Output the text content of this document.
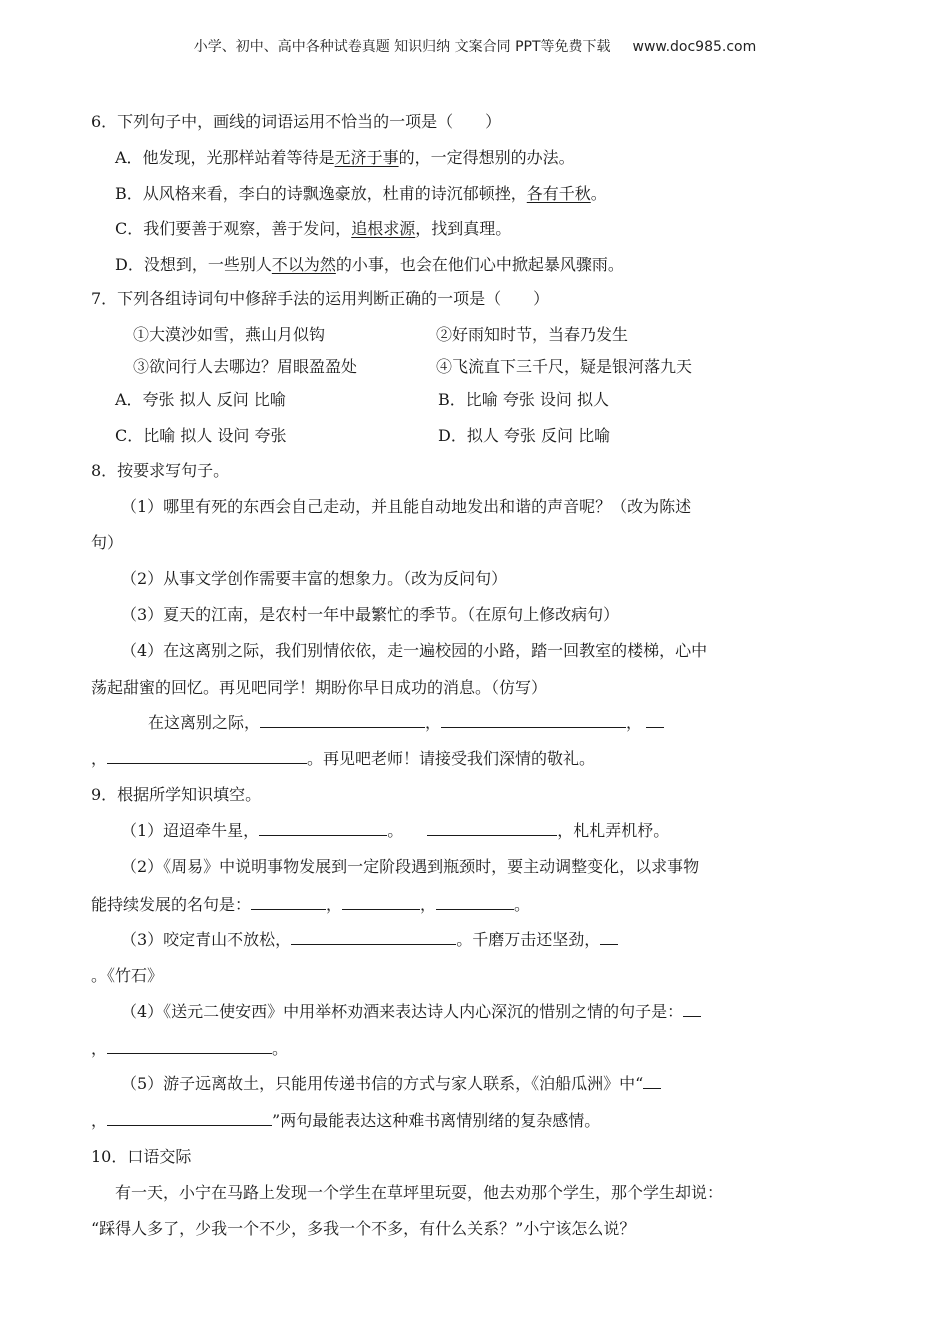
小学、初中、高中各种试卷真题 知识归纳 文案合同 PPT等免费下载 www.doc985.com
6．下列句子中，画线的词语运用不恰当的一项是（　　）
A．他发现，光那样站着等待是无济于事的，一定得想别的办法。
B．从风格来看，李白的诗飘逸豪放，杜甫的诗沉郁顿挫，各有千秋。
C．我们要善于观察，善于发问，追根求源，找到真理。
D．没想到，一些别人不以为然的小事，也会在他们心中掀起暴风骤雨。
7．下列各组诗词句中修辞手法的运用判断正确的一项是（　　）
①大漠沙如雪，燕山月似钩	②好雨知时节，当春乃发生
③欲问行人去哪边？眉眼盈盈处	④飞流直下三千尺，疑是银河落九天
A．夸张 拟人 反问 比喻	B．比喻 夸张 设问 拟人
C．比喻 拟人 设问 夸张	D．拟人 夸张 反问 比喻
8．按要求写句子。
（1）哪里有死的东西会自己走动，并且能自动地发出和谐的声音呢？（改为陈述
句）
（2）从事文学创作需要丰富的想象力。（改为反问句）
（3）夏天的江南，是农村一年中最繁忙的季节。（在原句上修改病句）
（4）在这离别之际，我们别情依依，走一遍校园的小路，踏一回教室的楼梯，心中
荡起甜蜜的回忆。再见吧同学！期盼你早日成功的消息。（仿写）
在这离别之际，	，	，
，	。再见吧老师！请接受我们深情的敬礼。
9．根据所学知识填空。
（1）迢迢牵牛星，	。	，札札弄机杼。
（2）《周易》中说明事物发展到一定阶段遇到瓶颈时，要主动调整变化，以求事物
能持续发展的名句是：	，	，	。
（3）咬定青山不放松，	。千磨万击还坚劲，
。《竹石》
（4）《送元二使安西》中用举杯劝酒来表达诗人内心深沉的惜别之情的句子是：
，	。
（5）游子远离故土，只能用传递书信的方式与家人联系，《泊船瓜洲》中“
，	”两句最能表达这种难书离情别绪的复杂感情。
10．口语交际
有一天，小宁在马路上发现一个学生在草坪里玩耍，他去劝那个学生，那个学生却说：
“踩得人多了，少我一个不少，多我一个不多，有什么关系？”小宁该怎么说？
